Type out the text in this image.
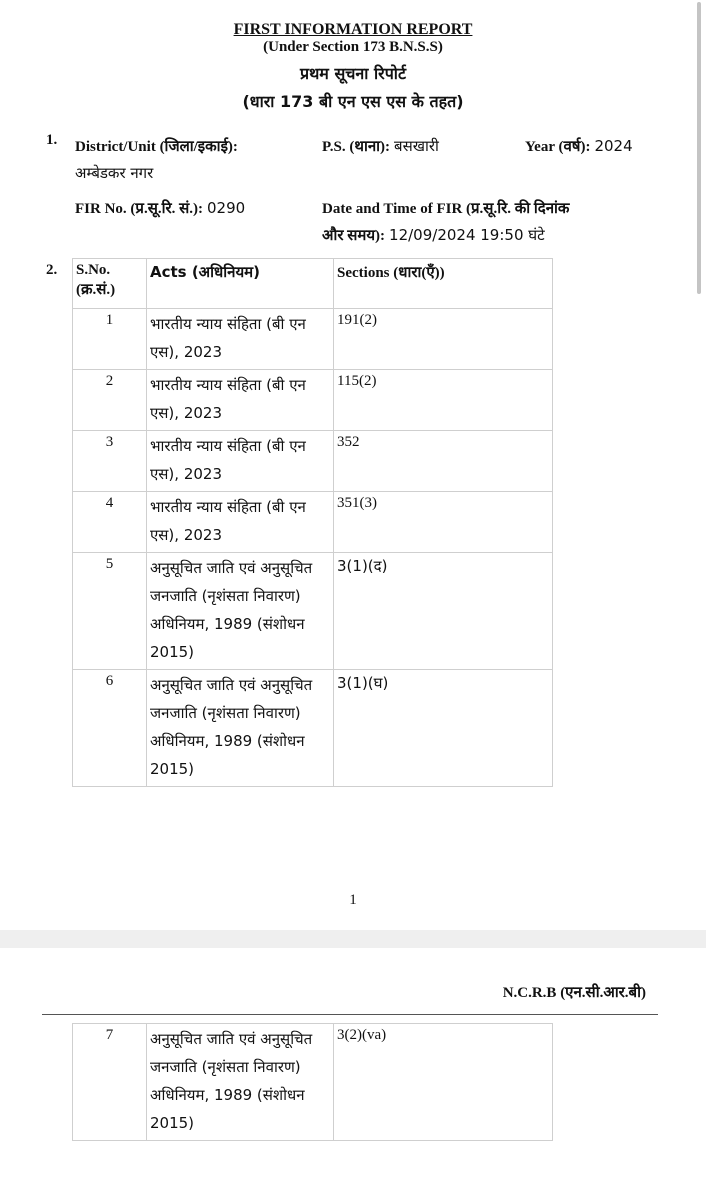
FIRST INFORMATION REPORT
(Under Section 173 B.N.S.S)
प्रथम सूचना रिपोर्ट
(धारा 173 बी एन एस एस के तहत)
1. District/Unit (जिला/इकाई):
अम्बेडकर नगर
P.S. (थाना): बसखारी	Year (वर्ष): 2024
FIR No. (प्र.सू.रि. सं.): 0290	Date and Time of FIR (प्र.सू.रि. की दिनांक
और समय): 12/09/2024 19:50 घंटे
2. S.No. (क्र.सं.)	Acts (अधिनियम)	Sections (धारा(एँ))
1	भारतीय न्याय संहिता (बी एन एस), 2023	191(2)
2	भारतीय न्याय संहिता (बी एन एस), 2023	115(2)
3	भारतीय न्याय संहिता (बी एन एस), 2023	352
4	भारतीय न्याय संहिता (बी एन एस), 2023	351(3)
5	अनुसूचित जाति एवं अनुसूचित जनजाति (नृशंसता निवारण) अधिनियम, 1989 (संशोधन 2015)	3(1)(द)
6	अनुसूचित जाति एवं अनुसूचित जनजाति (नृशंसता निवारण) अधिनियम, 1989 (संशोधन 2015)	3(1)(घ)
1
N.C.R.B (एन.सी.आर.बी)
7	अनुसूचित जाति एवं अनुसूचित जनजाति (नृशंसता निवारण) अधिनियम, 1989 (संशोधन 2015)	3(2)(va)
